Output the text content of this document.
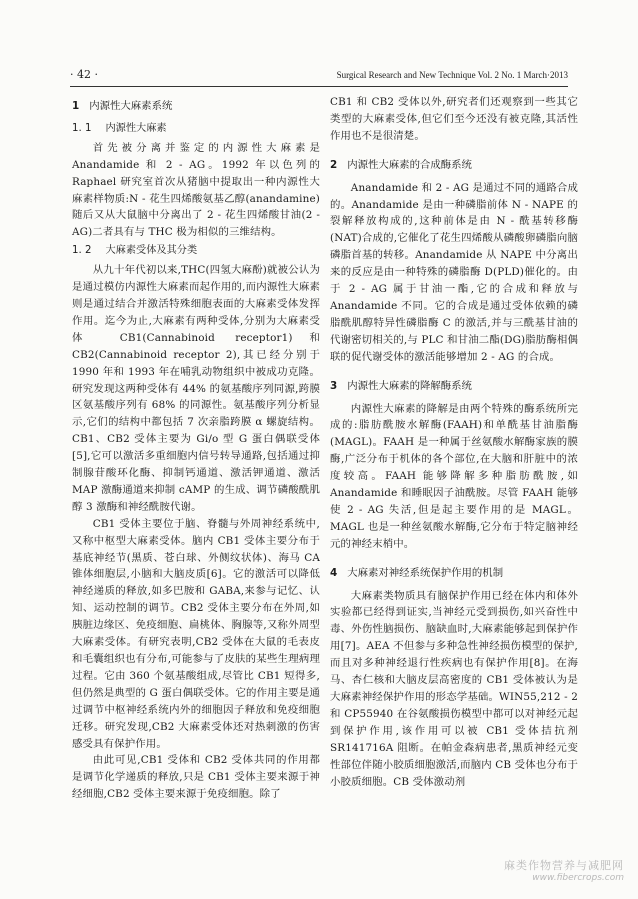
· 42 ·	Surgical Research and New Technique Vol. 2 No. 1 March·2013
1 内源性大麻素系统
1. 1 内源性大麻素

首先被分离并鉴定的内源性大麻素是 Anandamide 和 2 - AG。1992 年以色列的 Raphael 研究室首次从猪脑中提取出一种内源性大麻素样物质:N - 花生四烯酸氨基乙醇(anandamine)随后又从大鼠脑中分离出了 2 - 花生四烯酸甘油(2 - AG)二者具有与 THC 极为相似的三维结构。

1. 2 大麻素受体及其分类

从九十年代初以来,THC(四氢大麻酚)就被公认为是通过模仿内源性大麻素而起作用的,而内源性大麻素则是通过结合并激活特殊细胞表面的大麻素受体发挥作用。迄今为止,大麻素有两种受体,分别为大麻素受体 CB1(Cannabinoid receptor1)和 CB2(Cannabinoid receptor 2),其已经分别于 1990 年和 1993 年在哺乳动物组织中被成功克隆。研究发现这两种受体有 44% 的氨基酸序列同源,跨膜区氨基酸序列有 68% 的同源性。氨基酸序列分析显示,它们的结构中都包括 7 次亲脂跨膜 α 螺旋结构。CB1、CB2 受体主要为 Gi/o 型 G 蛋白偶联受体[5],它可以激活多重细胞内信号转导通路,包括通过抑制腺苷酸环化酶、抑制钙通道、激活钾通道、激活 MAP 激酶通道来抑制 cAMP 的生成、调节磷酸酰肌醇 3 激酶和神经酰胺代谢。

CB1 受体主要位于脑、脊髓与外周神经系统中,又称中枢型大麻素受体。脑内 CB1 受体主要分布于基底神经节(黑质、苍白球、外侧纹状体)、海马 CA 锥体细胞层,小脑和大脑皮质[6]。它的激活可以降低神经递质的释放,如多巴胺和 GABA,来参与记忆、认知、运动控制的调节。CB2 受体主要分布在外周,如胰脏边缘区、免疫细胞、扁桃体、胸腺等,又称外周型大麻素受体。有研究表明,CB2 受体在大鼠的毛表皮和毛囊组织也有分布,可能参与了皮肤的某些生理病理过程。它由 360 个氨基酸组成,尽管比 CB1 短得多,但仍然是典型的 G 蛋白偶联受体。它的作用主要是通过调节中枢神经系统内外的细胞因子释放和免疫细胞迁移。研究发现,CB2 大麻素受体还对热刺激的伤害感受具有保护作用。

由此可见,CB1 受体和 CB2 受体共同的作用都是调节化学递质的释放,只是 CB1 受体主要来源于神经细胞,CB2 受体主要来源于免疫细胞。除了

CB1 和 CB2 受体以外,研究者们还观察到一些其它类型的大麻素受体,但它们至今还没有被克隆,其活性作用也不是很清楚。

2 内源性大麻素的合成酶系统

Anandamide 和 2 - AG 是通过不同的通路合成的。Anandamide 是由一种磷脂前体 N - NAPE 的裂解释放构成的,这种前体是由 N - 酰基转移酶(NAT)合成的,它催化了花生四烯酸从磷酸卵磷脂向脑磷脂首基的转移。Anandamide 从 NAPE 中分离出来的反应是由一种特殊的磷脂酶 D(PLD)催化的。由于 2 - AG 属于甘油一酯,它的合成和释放与 Anandamide 不同。它的合成是通过受体依赖的磷脂酰肌醇特异性磷脂酶 C 的激活,并与三酰基甘油的代谢密切相关的,与 PLC 和甘油二酯(DG)脂肪酶相偶联的促代谢受体的激活能够增加 2 - AG 的合成。

3 内源性大麻素的降解酶系统

内源性大麻素的降解是由两个特殊的酶系统所完成的:脂肪酰胺水解酶(FAAH)和单酰基甘油脂酶(MAGL)。FAAH 是一种属于丝氨酸水解酶家族的膜酶,广泛分布于机体的各个部位,在大脑和肝脏中的浓度较高。FAAH 能够降解多种脂肪酰胺,如 Anandamide 和睡眠因子油酰胺。尽管 FAAH 能够使 2 - AG 失活,但是起主要作用的是 MAGL。MAGL 也是一种丝氨酸水解酶,它分布于特定脑神经元的神经末梢中。

4 大麻素对神经系统保护作用的机制

大麻素类物质具有脑保护作用已经在体内和体外实验都已经得到证实,当神经元受到损伤,如兴奋性中毒、外伤性脑损伤、脑缺血时,大麻素能够起到保护作用[7]。AEA 不但参与多种急性神经损伤模型的保护,而且对多种神经退行性疾病也有保护作用[8]。在海马、杏仁核和大脑皮层高密度的 CB1 受体被认为是大麻素神经保护作用的形态学基础。WIN55,212 - 2 和 CP55940 在谷氨酸损伤模型中都可以对神经元起到保护作用,该作用可以被 CB1 受体拮抗剂 SR141716A 阻断。在帕金森病患者,黑质神经元变性部位伴随小胶质细胞激活,而脑内 CB 受体也分布于小胶质细胞。CB 受体激动剂

麻类作物营养与减肥网
www.fibercrops.com
